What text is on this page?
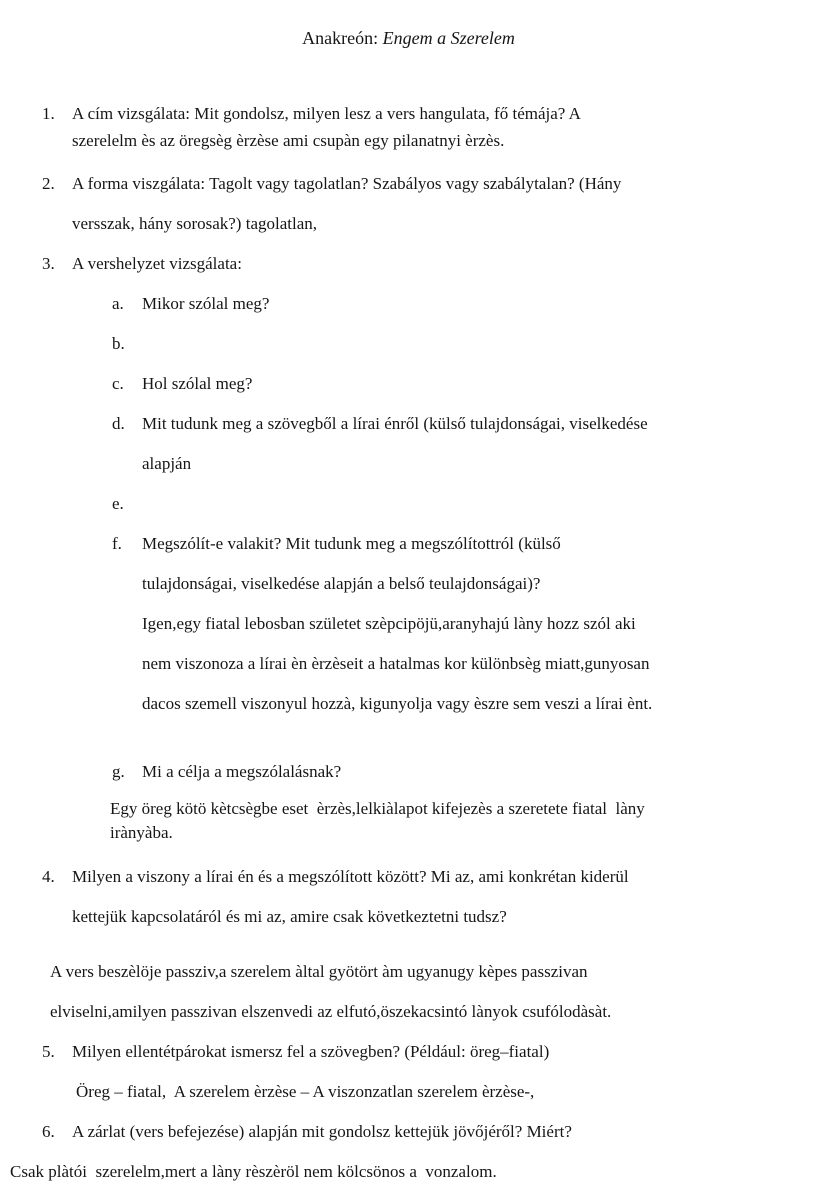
Anakreón: Engem a Szerelem
1.	A cím vizsgálata: Mit gondolsz, milyen lesz a vers hangulata, fő témája? A
szerelelm ès az öregsèg èrzèse ami csupàn egy pilanatnyi èrzès.
2.	A forma viszgálata: Tagolt vagy tagolatlan? Szabályos vagy szabálytalan? (Hány
versszak, hány sorosak?) tagolatlan,
3.	A vershelyzet vizsgálata:
a.	Mikor szólal meg?
b.
c.	Hol szólal meg?
d.	Mit tudunk meg a szövegből a lírai énről (külső tulajdonságai, viselkedése
alapján
e.
f.	Megszólít-e valakit? Mit tudunk meg a megszólítottról (külső
tulajdonságai, viselkedése alapján a belső teulajdonságai)?
Igen,egy fiatal lebosban születet szèpcipöjü,aranyhajú làny hozz szól aki
nem viszonoza a lírai èn èrzèseit a hatalmas kor különbsèg miatt,gunyosan
dacos szemell viszonyul hozzà, kigunyolja vagy èszre sem veszi a lírai ènt.
g.	Mi a célja a megszólalásnak?
Egy öreg kötö kètcsègbe eset  èrzès,lelkiàlapot kifejezès a szeretete fiatal  làny
irànyàba.
4.	Milyen a viszony a lírai én és a megszólított között? Mi az, ami konkrétan kiderül
kettejük kapcsolatáról és mi az, amire csak következtetni tudsz?
A vers beszèlöje passziv,a szerelem àltal gyötört àm ugyanugy kèpes passzivan
elviselni,amilyen passzivan elszenvedi az elfutó,öszekacsintó lànyok csufólodàsàt.
5.	Milyen ellentétpárokat ismersz fel a szövegben? (Például: öreg–fiatal)
Öreg – fiatal,  A szerelem èrzèse – A viszonzatlan szerelem èrzèse-,
6.	A zárlat (vers befejezése) alapján mit gondolsz kettejük jövőjéről? Miért?
Csak plàtói  szerelelm,mert a làny rèszèröl nem kölcsönos a  vonzalom.
